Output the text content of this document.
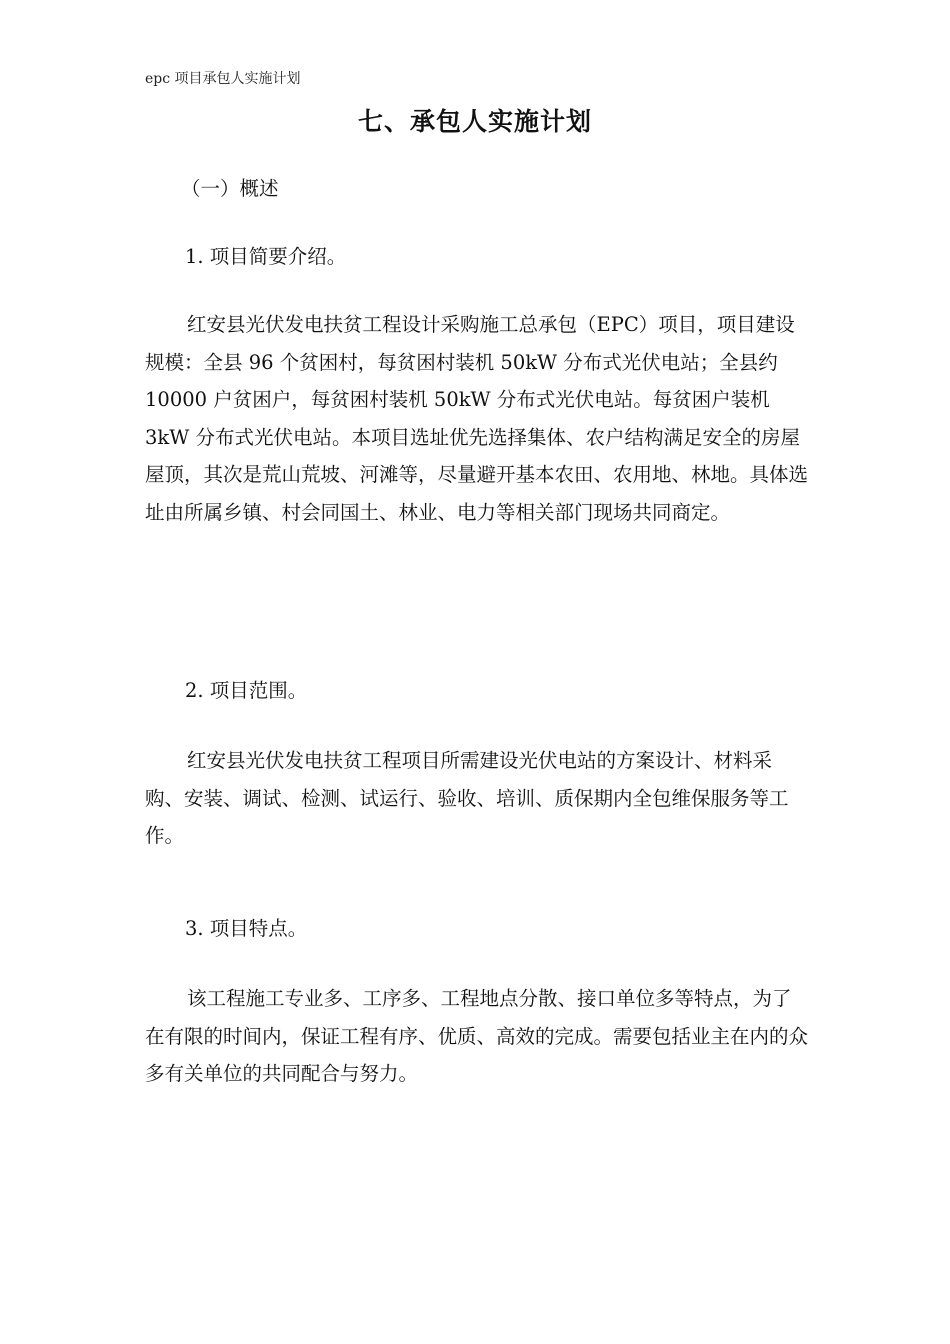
epc 项目承包人实施计划
七、承包人实施计划

（一）概述

1. 项目简要介绍。

红安县光伏发电扶贫工程设计采购施工总承包（EPC）项目，项目建设规模：全县 96 个贫困村，每贫困村装机 50kW 分布式光伏电站；全县约 10000 户贫困户，每贫困村装机 50kW 分布式光伏电站。每贫困户装机 3kW 分布式光伏电站。本项目选址优先选择集体、农户结构满足安全的房屋屋顶，其次是荒山荒坡、河滩等，尽量避开基本农田、农用地、林地。具体选址由所属乡镇、村会同国土、林业、电力等相关部门现场共同商定。

2. 项目范围。

红安县光伏发电扶贫工程项目所需建设光伏电站的方案设计、材料采购、安装、调试、检测、试运行、验收、培训、质保期内全包维保服务等工作。

3. 项目特点。

该工程施工专业多、工序多、工程地点分散、接口单位多等特点，为了在有限的时间内，保证工程有序、优质、高效的完成。需要包括业主在内的众多有关单位的共同配合与努力。
